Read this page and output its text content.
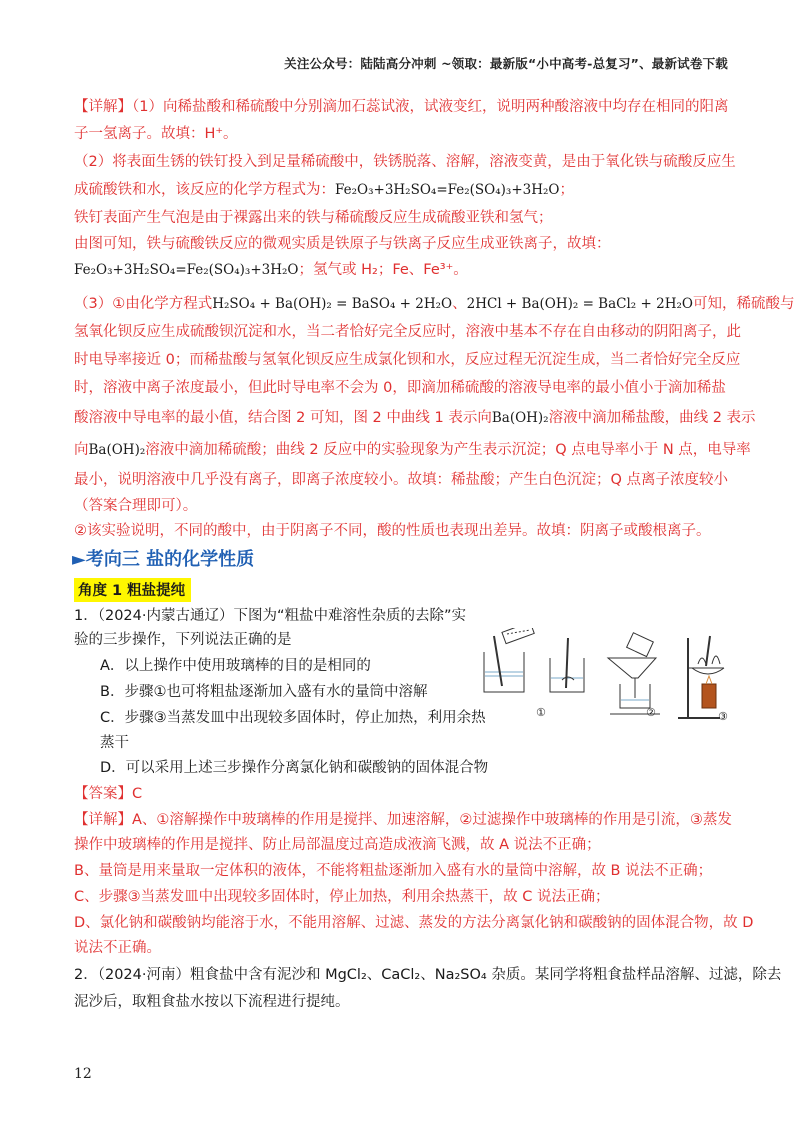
关注公众号：陆陆高分冲刺 ~领取：最新版“小中高考-总复习”、最新试卷下载
【详解】（1）向稀盐酸和稀硫酸中分别滴加石蕊试液，试液变红，说明两种酸溶液中均存在相同的阳离
子一氢离子。故填：H⁺。
（2）将表面生锈的铁钉投入到足量稀硫酸中，铁锈脱落、溶解，溶液变黄，是由于氧化铁与硫酸反应生
成硫酸铁和水，该反应的化学方程式为：Fe₂O₃+3H₂SO₄=Fe₂(SO₄)₃+3H₂O；
铁钉表面产生气泡是由于裸露出来的铁与稀硫酸反应生成硫酸亚铁和氢气；
由图可知，铁与硫酸铁反应的微观实质是铁原子与铁离子反应生成亚铁离子，故填：
Fe₂O₃+3H₂SO₄=Fe₂(SO₄)₃+3H₂O；氢气或 H₂；Fe、Fe³⁺。
（3）①由化学方程式H₂SO₄ + Ba(OH)₂ = BaSO₄ + 2H₂O、2HCl + Ba(OH)₂ = BaCl₂ + 2H₂O可知，稀硫酸与
氢氧化钡反应生成硫酸钡沉淀和水，当二者恰好完全反应时，溶液中基本不存在自由移动的阴阳离子，此
时电导率接近 0；而稀盐酸与氢氧化钡反应生成氯化钡和水，反应过程无沉淀生成，当二者恰好完全反应
时，溶液中离子浓度最小，但此时导电率不会为 0，即滴加稀硫酸的溶液导电率的最小值小于滴加稀盐
酸溶液中导电率的最小值，结合图 2 可知，图 2 中曲线 1 表示向Ba(OH)₂溶液中滴加稀盐酸，曲线 2 表示
向Ba(OH)₂溶液中滴加稀硫酸；曲线 2 反应中的实验现象为产生表示沉淀；Q 点电导率小于 N 点，电导率
最小，说明溶液中几乎没有离子，即离子浓度较小。故填：稀盐酸；产生白色沉淀；Q 点离子浓度较小
（答案合理即可）。
②该实验说明，不同的酸中，由于阴离子不同，酸的性质也表现出差异。故填：阴离子或酸根离子。
►考向三 盐的化学性质
角度 1 粗盐提纯
1．（2024·内蒙古通辽）下图为“粗盐中难溶性杂质的去除”实
验的三步操作，下列说法正确的是
A．以上操作中使用玻璃棒的目的是相同的
B．步骤①也可将粗盐逐渐加入盛有水的量筒中溶解
C．步骤③当蒸发皿中出现较多固体时，停止加热，利用余热
蒸干
D．可以采用上述三步操作分离氯化钠和碳酸钠的固体混合物
①	②	③
【答案】C
【详解】A、①溶解操作中玻璃棒的作用是搅拌、加速溶解，②过滤操作中玻璃棒的作用是引流，③蒸发
操作中玻璃棒的作用是搅拌、防止局部温度过高造成液滴飞溅，故 A 说法不正确；
B、量筒是用来量取一定体积的液体，不能将粗盐逐渐加入盛有水的量筒中溶解，故 B 说法不正确；
C、步骤③当蒸发皿中出现较多固体时，停止加热，利用余热蒸干，故 C 说法正确；
D、氯化钠和碳酸钠均能溶于水，不能用溶解、过滤、蒸发的方法分离氯化钠和碳酸钠的固体混合物，故 D
说法不正确。
2．（2024·河南）粗食盐中含有泥沙和 MgCl₂、CaCl₂、Na₂SO₄ 杂质。某同学将粗食盐样品溶解、过滤，除去
泥沙后，取粗食盐水按以下流程进行提纯。
12
